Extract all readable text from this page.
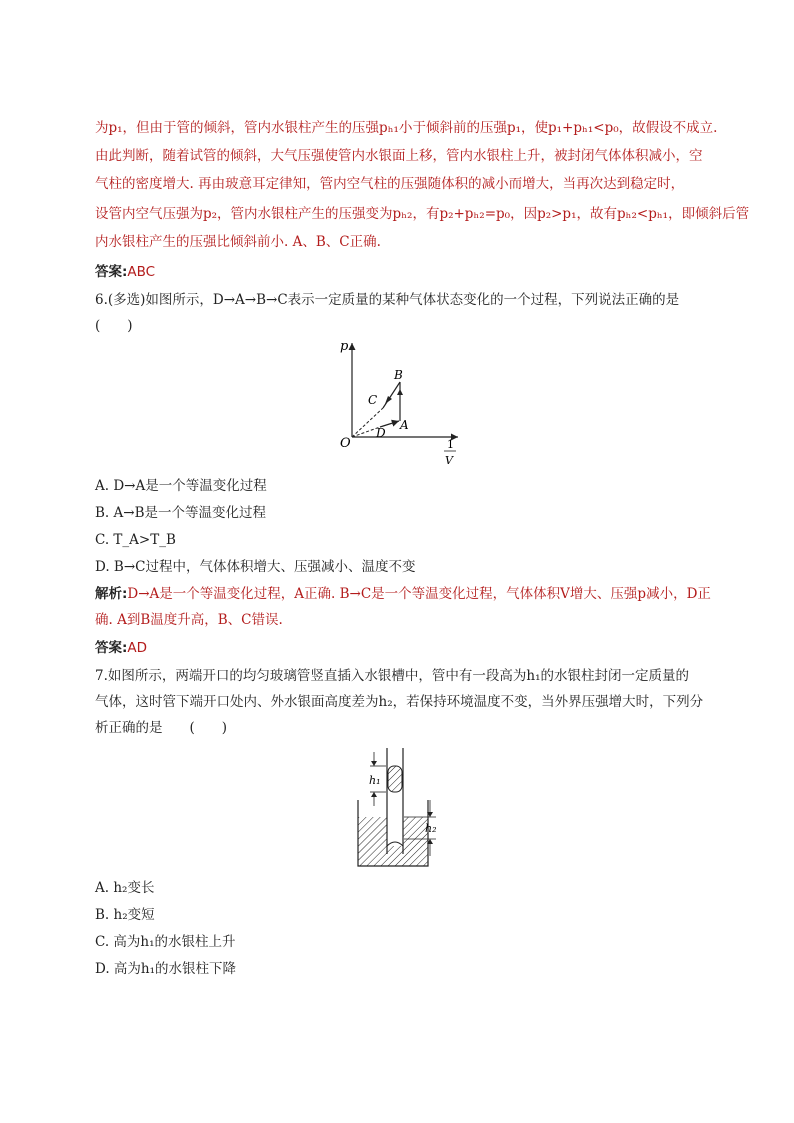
为p₁，但由于管的倾斜，管内水银柱产生的压强pₕ₁小于倾斜前的压强p₁，使p₁+pₕ₁<p₀，故假设不成立.
由此判断，随着试管的倾斜，大气压强使管内水银面上移，管内水银柱上升，被封闭气体体积减小，空
气柱的密度增大. 再由玻意耳定律知，管内空气柱的压强随体积的减小而增大，当再次达到稳定时，
设管内空气压强为p₂，管内水银柱产生的压强变为pₕ₂，有p₂+pₕ₂=p₀，因p₂>p₁，故有pₕ₂<pₕ₁，即倾斜后管
内水银柱产生的压强比倾斜前小. A、B、C正确.
答案:ABC
6.(多选)如图所示，D→A→B→C表示一定质量的某种气体状态变化的一个过程，下列说法正确的是
(　　)
p
O	1
V
B
C
D
A
A. D→A是一个等温变化过程
B. A→B是一个等温变化过程
C. T_A>T_B
D. B→C过程中，气体体积增大、压强减小、温度不变
解析:D→A是一个等温变化过程，A正确. B→C是一个等温变化过程，气体体积V增大、压强p减小，D正
确. A到B温度升高，B、C错误.
答案:AD
7.如图所示，两端开口的均匀玻璃管竖直插入水银槽中，管中有一段高为h₁的水银柱封闭一定质量的
气体，这时管下端开口处内、外水银面高度差为h₂，若保持环境温度不变，当外界压强增大时，下列分
析正确的是　　(　　)
h₁
h₂
A. h₂变长
B. h₂变短
C. 高为h₁的水银柱上升
D. 高为h₁的水银柱下降
